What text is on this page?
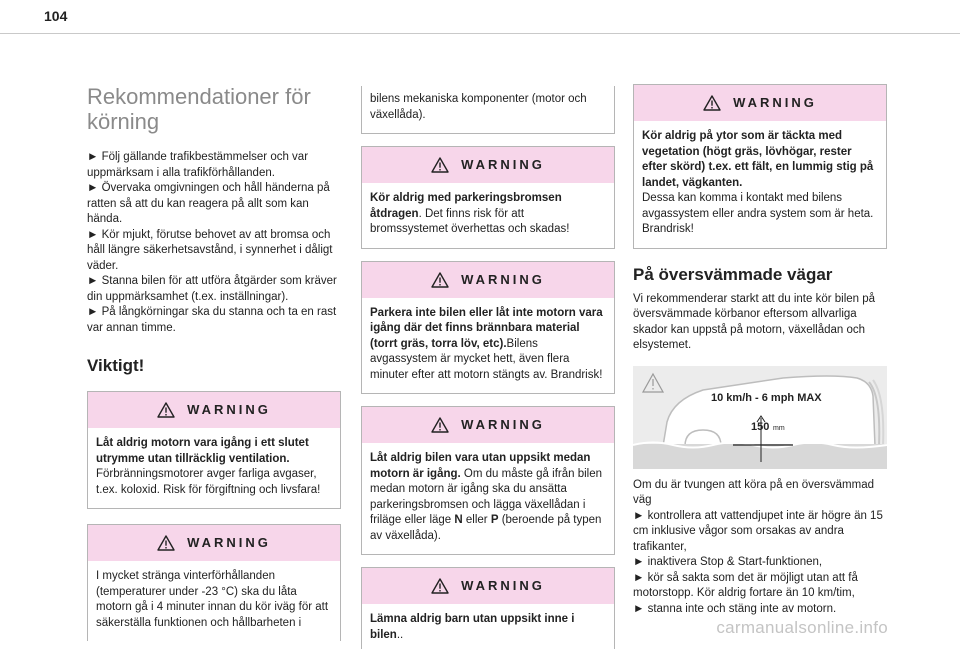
104
Rekommendationer för körning

► Följ gällande trafikbestämmelser och var uppmärksam i alla trafikförhållanden.

► Övervaka omgivningen och håll händerna på ratten så att du kan reagera på allt som kan hända.

► Kör mjukt, förutse behovet av att bromsa och håll längre säkerhetsavstånd, i synnerhet i dåligt väder.

► Stanna bilen för att utföra åtgärder som kräver din uppmärksamhet (t.ex. inställningar).

► På långkörningar ska du stanna och ta en rast var annan timme.

Viktigt!
WARNING
Låt aldrig motorn vara igång i ett slutet utrymme utan tillräcklig ventilation. Förbränningsmotorer avger farliga avgaser, t.ex. koloxid. Risk för förgiftning och livsfara!
WARNING
I mycket stränga vinterförhållanden (temperaturer under -23 °C) ska du låta motorn gå i 4 minuter innan du kör iväg för att säkerställa funktionen och hållbarheten i
bilens mekaniska komponenter (motor och växellåda).
WARNING
Kör aldrig med parkeringsbromsen åtdragen. Det finns risk för att bromssystemet överhettas och skadas!
WARNING
Parkera inte bilen eller låt inte motorn vara igång där det finns brännbara material (torrt gräs, torra löv, etc).Bilens avgassystem är mycket hett, även flera minuter efter att motorn stängts av. Brandrisk!
WARNING
Låt aldrig bilen vara utan uppsikt medan motorn är igång. Om du måste gå ifrån bilen medan motorn är igång ska du ansätta parkeringsbromsen och lägga växellådan i friläge eller läge N eller P (beroende på typen av växellåda).
WARNING
Lämna aldrig barn utan uppsikt inne i bilen..
WARNING
Kör aldrig på ytor som är täckta med vegetation (högt gräs, lövhögar, rester efter skörd) t.ex. ett fält, en lummig stig på landet, vägkanten.
Dessa kan komma i kontakt med bilens avgassystem eller andra system som är heta. Brandrisk!
På översvämmade vägar

Vi rekommenderar starkt att du inte kör bilen på översvämmade körbanor eftersom allvarliga skador kan uppstå på motorn, växellådan och elsystemet.

10 km/h - 6 mph MAX
150 mm

Om du är tvungen att köra på en översvämmad väg

► kontrollera att vattendjupet inte är högre än 15 cm inklusive vågor som orsakas av andra trafikanter,

► inaktivera Stop & Start-funktionen,

► kör så sakta som det är möjligt utan att få motorstopp. Kör aldrig fortare än 10 km/tim,

► stanna inte och stäng inte av motorn.

carmanualsonline.info
